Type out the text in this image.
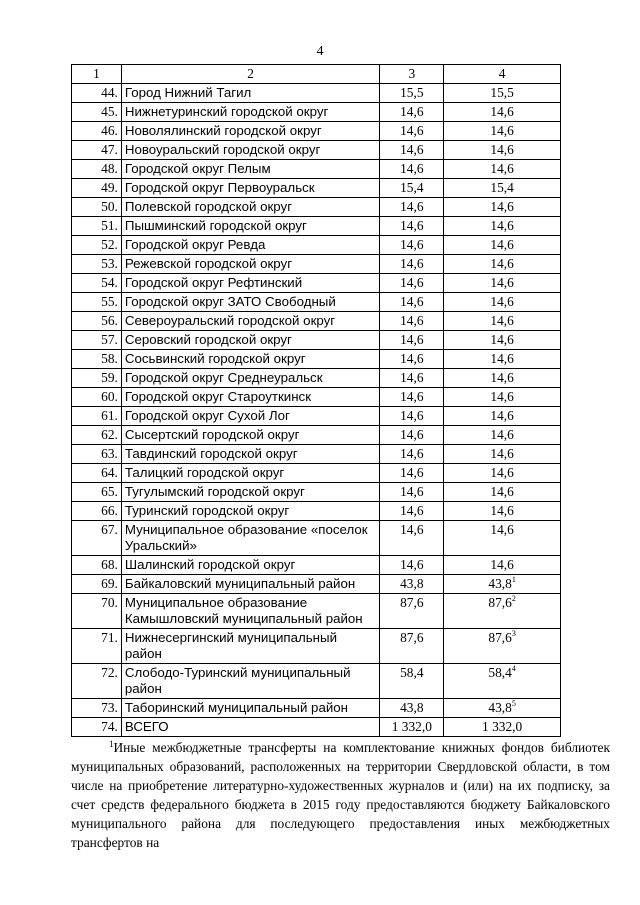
4
1	2	3	4
44.	Город Нижний Тагил	15,5	15,5
45.	Нижнетуринский городской округ	14,6	14,6
46.	Новолялинский городской округ	14,6	14,6
47.	Новоуральский городской округ	14,6	14,6
48.	Городской округ Пелым	14,6	14,6
49.	Городской округ Первоуральск	15,4	15,4
50.	Полевской городской округ	14,6	14,6
51.	Пышминский городской округ	14,6	14,6
52.	Городской округ Ревда	14,6	14,6
53.	Режевской городской округ	14,6	14,6
54.	Городской округ Рефтинский	14,6	14,6
55.	Городской округ ЗАТО Свободный	14,6	14,6
56.	Североуральский городской округ	14,6	14,6
57.	Серовский городской округ	14,6	14,6
58.	Сосьвинский городской округ	14,6	14,6
59.	Городской округ Среднеуральск	14,6	14,6
60.	Городской округ Староуткинск	14,6	14,6
61.	Городской округ Сухой Лог	14,6	14,6
62.	Сысертский городской округ	14,6	14,6
63.	Тавдинский городской округ	14,6	14,6
64.	Талицкий городской округ	14,6	14,6
65.	Тугулымский городской округ	14,6	14,6
66.	Туринский городской округ	14,6	14,6
67.	Муниципальное образование «поселок Уральский»	14,6	14,6
68.	Шалинский городской округ	14,6	14,6
69.	Байкаловский муниципальный район	43,8	43,8$^1$
70.	Муниципальное образование Камышловский муниципальный район	87,6	87,6$^2$
71.	Нижнесергинский муниципальный район	87,6	87,6$^3$
72.	Слободо-Туринский муниципальный район	58,4	58,4$^4$
73.	Таборинский муниципальный район	43,8	43,8$^5$
74.	ВСЕГО	1 332,0	1 332,0

$^1$Иные межбюджетные трансферты на комплектование книжных фондов библиотек муниципальных образований, расположенных на территории Свердловской области, в том числе на приобретение литературно-художественных журналов и (или) на их подписку, за счет средств федерального бюджета в 2015 году предоставляются бюджету Байкаловского муниципального района для последующего предоставления иных межбюджетных трансфертов на
